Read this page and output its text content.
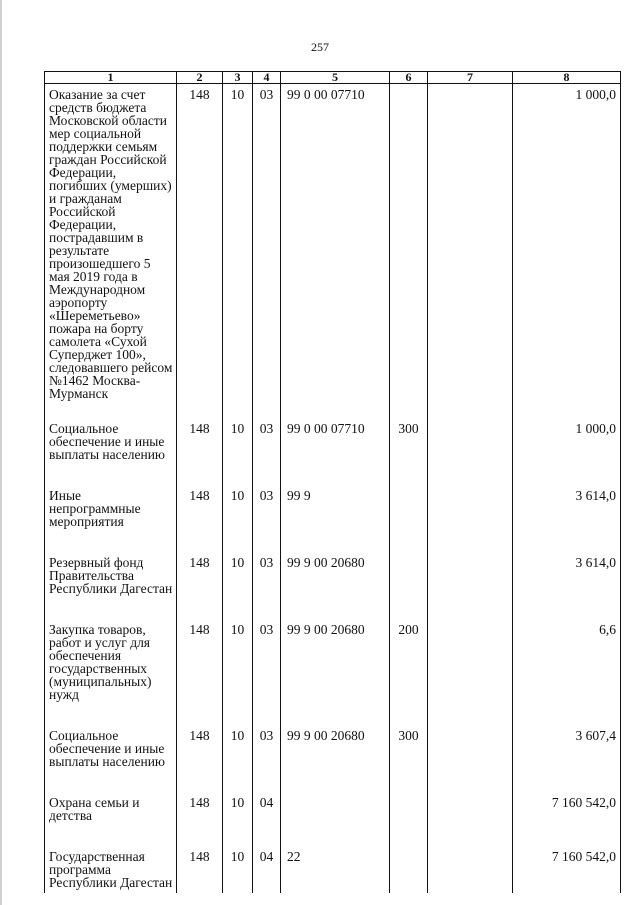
257
1	2	3	4	5	6	7	8
Оказание за счет средств бюджета Московской области мер социальной поддержки семьям граждан Российской Федерации, погибших (умерших) и гражданам Российской Федерации, пострадавшим в результате произошедшего 5 мая 2019 года в Международном аэропорту «Шереметьево» пожара на борту самолета «Сухой Суперджет 100», следовавшего рейсом №1462 Москва-Мурманск	148	10	03	99 0 00 07710			1 000,0

Социальное обеспечение и иные выплаты населению	148	10	03	99 0 00 07710	300		1 000,0

Иные непрограммные мероприятия	148	10	03	99 9			3 614,0

Резервный фонд Правительства Республики Дагестан	148	10	03	99 9 00 20680			3 614,0

Закупка товаров, работ и услуг для обеспечения государственных (муниципальных) нужд	148	10	03	99 9 00 20680	200		6,6

Социальное обеспечение и иные выплаты населению	148	10	03	99 9 00 20680	300		3 607,4

Охрана семьи и детства	148	10	04				7 160 542,0

Государственная программа Республики Дагестан	148	10	04	22			7 160 542,0
